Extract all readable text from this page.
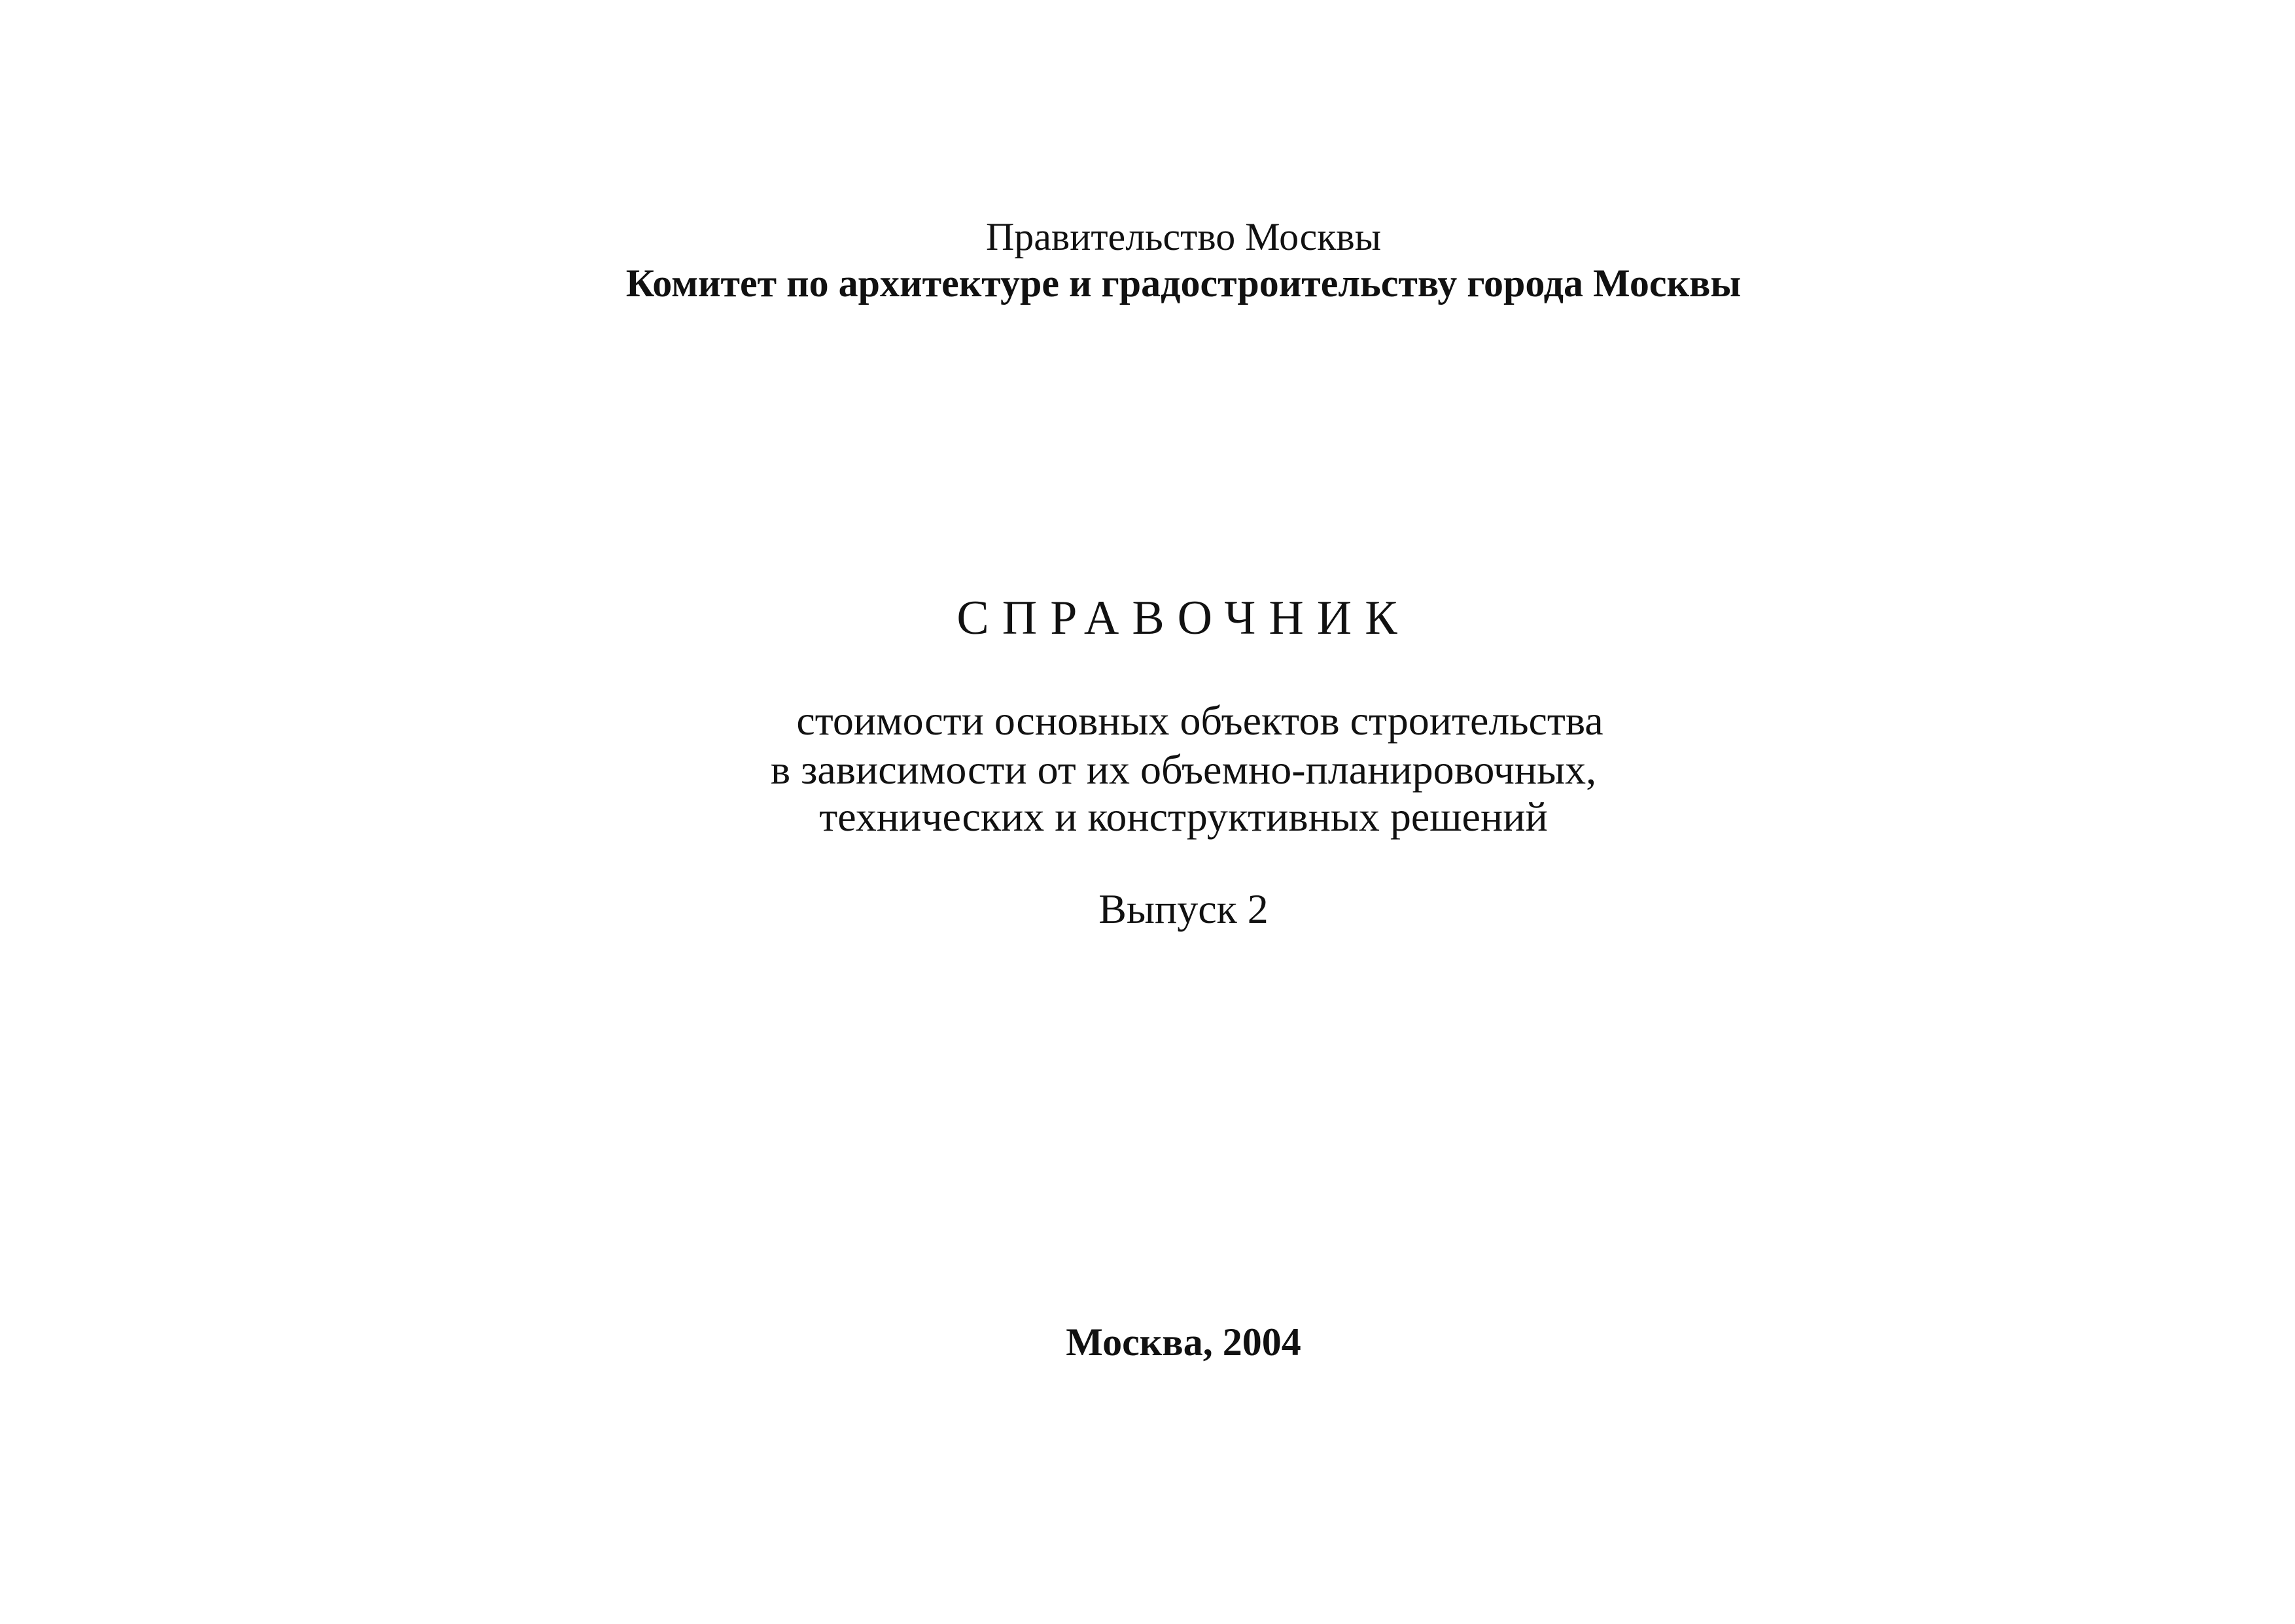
Правительство Москвы
Комитет по архитектуре и градостроительству города Москвы
СПРАВОЧНИК
стоимости основных объектов строительства
в зависимости от их объемно-планировочных,
технических и конструктивных решений
Выпуск 2
Москва, 2004
